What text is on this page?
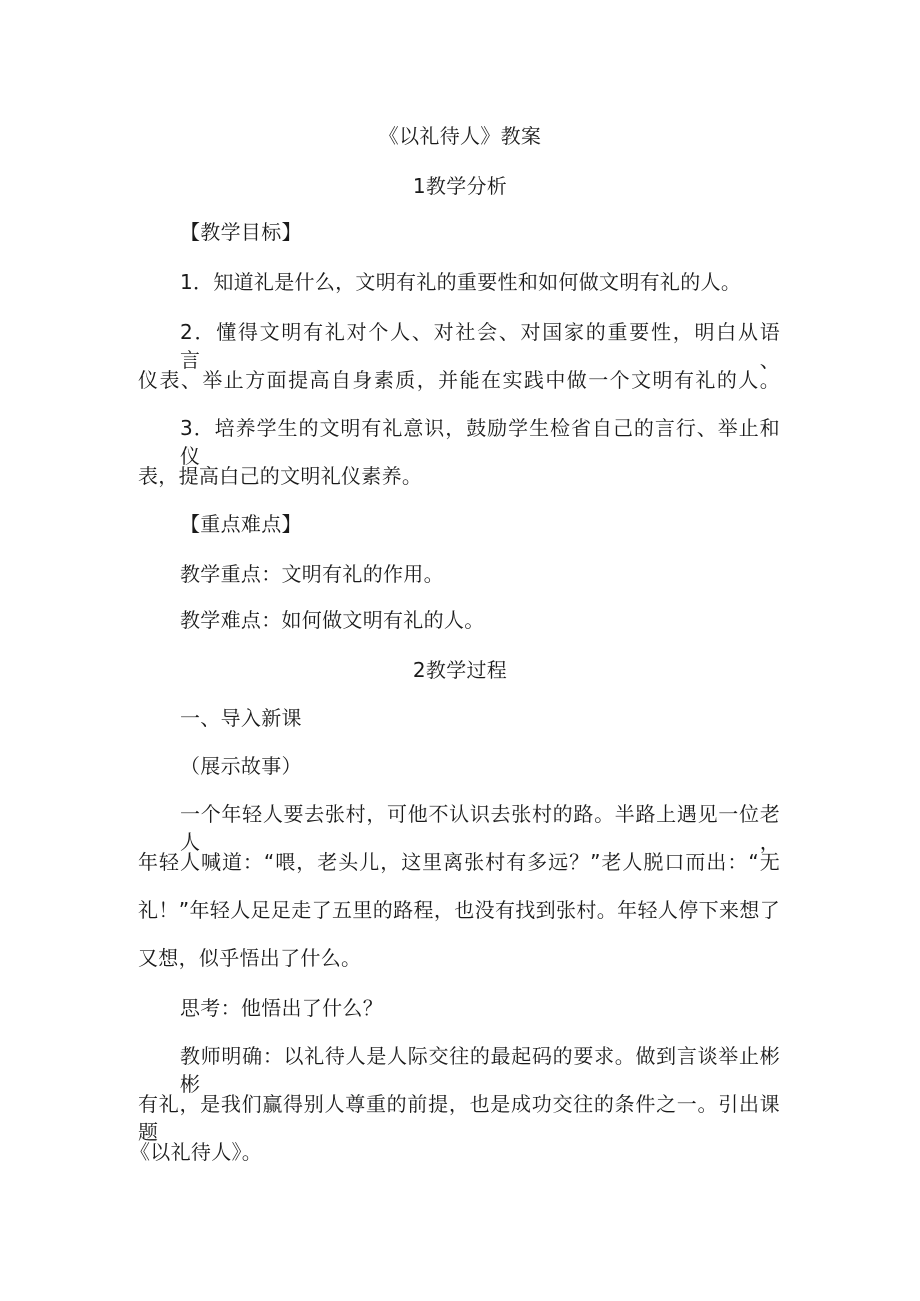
《以礼待人》教案
1教学分析
【教学目标】
1．知道礼是什么，文明有礼的重要性和如何做文明有礼的人。
2．懂得文明有礼对个人、对社会、对国家的重要性，明白从语言、
仪表、举止方面提高自身素质，并能在实践中做一个文明有礼的人。
3．培养学生的文明有礼意识，鼓励学生检省自己的言行、举止和仪
表，提高白己的文明礼仪素养。
【重点难点】
教学重点：文明有礼的作用。
教学难点：如何做文明有礼的人。
2教学过程
一、导入新课
（展示故事）
一个年轻人要去张村，可他不认识去张村的路。半路上遇见一位老人，
年轻人喊道：“喂，老头儿，这里离张村有多远？”老人脱口而出：“无
礼！”年轻人足足走了五里的路程，也没有找到张村。年轻人停下来想了
又想，似乎悟出了什么。
思考：他悟出了什么？
教师明确：以礼待人是人际交往的最起码的要求。做到言谈举止彬彬
有礼，是我们赢得别人尊重的前提，也是成功交往的条件之一。引出课题
《以礼待人》。
